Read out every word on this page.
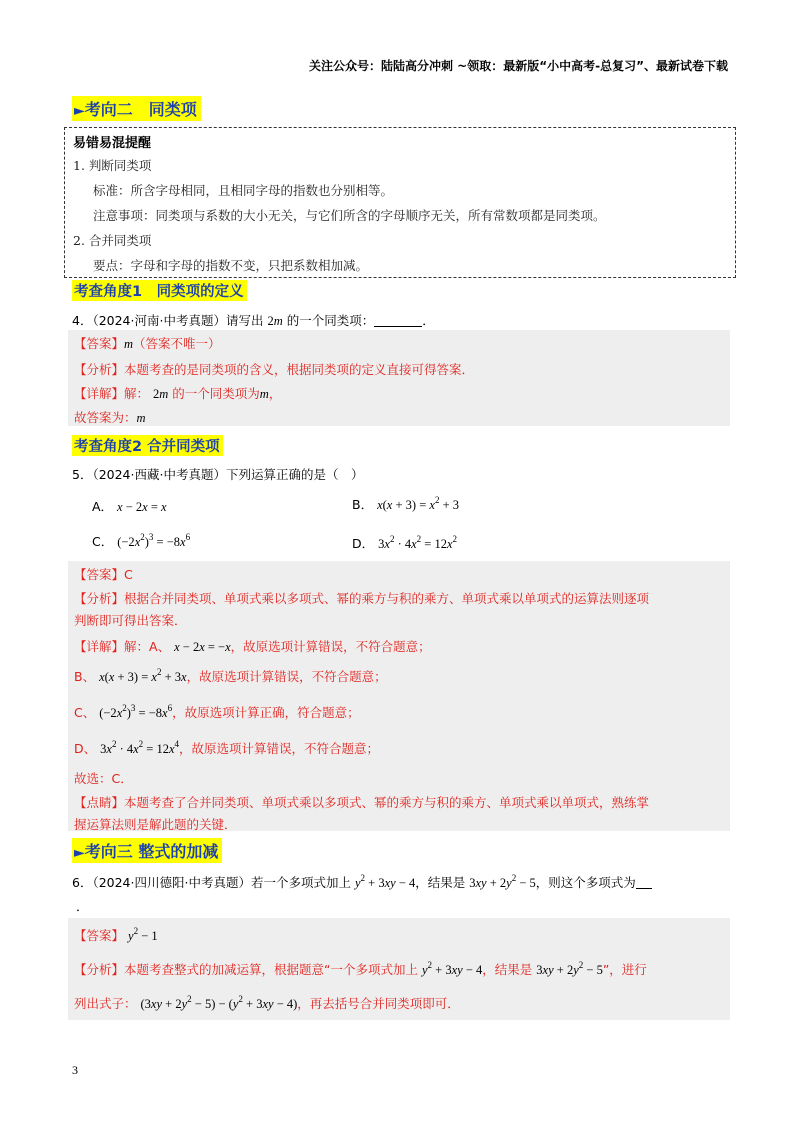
关注公众号：陆陆高分冲刺 ~领取：最新版“小中高考-总复习”、最新试卷下载
►考向二　同类项
易错易混提醒
1. 判断同类项
标准：所含字母相同，且相同字母的指数也分别相等。
注意事项：同类项与系数的大小无关，与它们所含的字母顺序无关，所有常数项都是同类项。
2. 合并同类项
要点：字母和字母的指数不变，只把系数相加减。
考查角度1　同类项的定义
4．（2024·河南·中考真题）请写出 2m 的一个同类项：	．
【答案】m（答案不唯一）
【分析】本题考查的是同类项的含义，根据同类项的定义直接可得答案．
【详解】解： 2m 的一个同类项为m，
故答案为：m
考查角度2 合并同类项
5．（2024·西藏·中考真题）下列运算正确的是（　）
A． x − 2x = x	B． $x(x + 3) = x^2 + 3$
C． $(-2x^2)^3 = -8x^6$	D． $3x^2 \cdot 4x^2 = 12x^2$
【答案】C
【分析】根据合并同类项、单项式乘以多项式、幂的乘方与积的乘方、单项式乘以单项式的运算法则逐项
判断即可得出答案．
【详解】解：A、 x − 2x = −x，故原选项计算错误，不符合题意；
B、 $x(x + 3) = x^2 + 3x$，故原选项计算错误，不符合题意；
C、 $(-2x^2)^3 = -8x^6$，故原选项计算正确，符合题意；
D、 $3x^2 \cdot 4x^2 = 12x^4$，故原选项计算错误，不符合题意；
故选：C．
【点睛】本题考查了合并同类项、单项式乘以多项式、幂的乘方与积的乘方、单项式乘以单项式，熟练掌
握运算法则是解此题的关键．
►考向三 整式的加减
6．（2024·四川德阳·中考真题）若一个多项式加上 $y^2 + 3xy - 4$，结果是 $3xy + 2y^2 - 5$，则这个多项式为
．
【答案】 $y^2 - 1$
【分析】本题考查整式的加减运算，根据题意“一个多项式加上 $y^2 + 3xy - 4$，结果是 $3xy + 2y^2 - 5$”，进行
列出式子： $(3xy + 2y^2 - 5) - (y^2 + 3xy - 4)$，再去括号合并同类项即可．
3
